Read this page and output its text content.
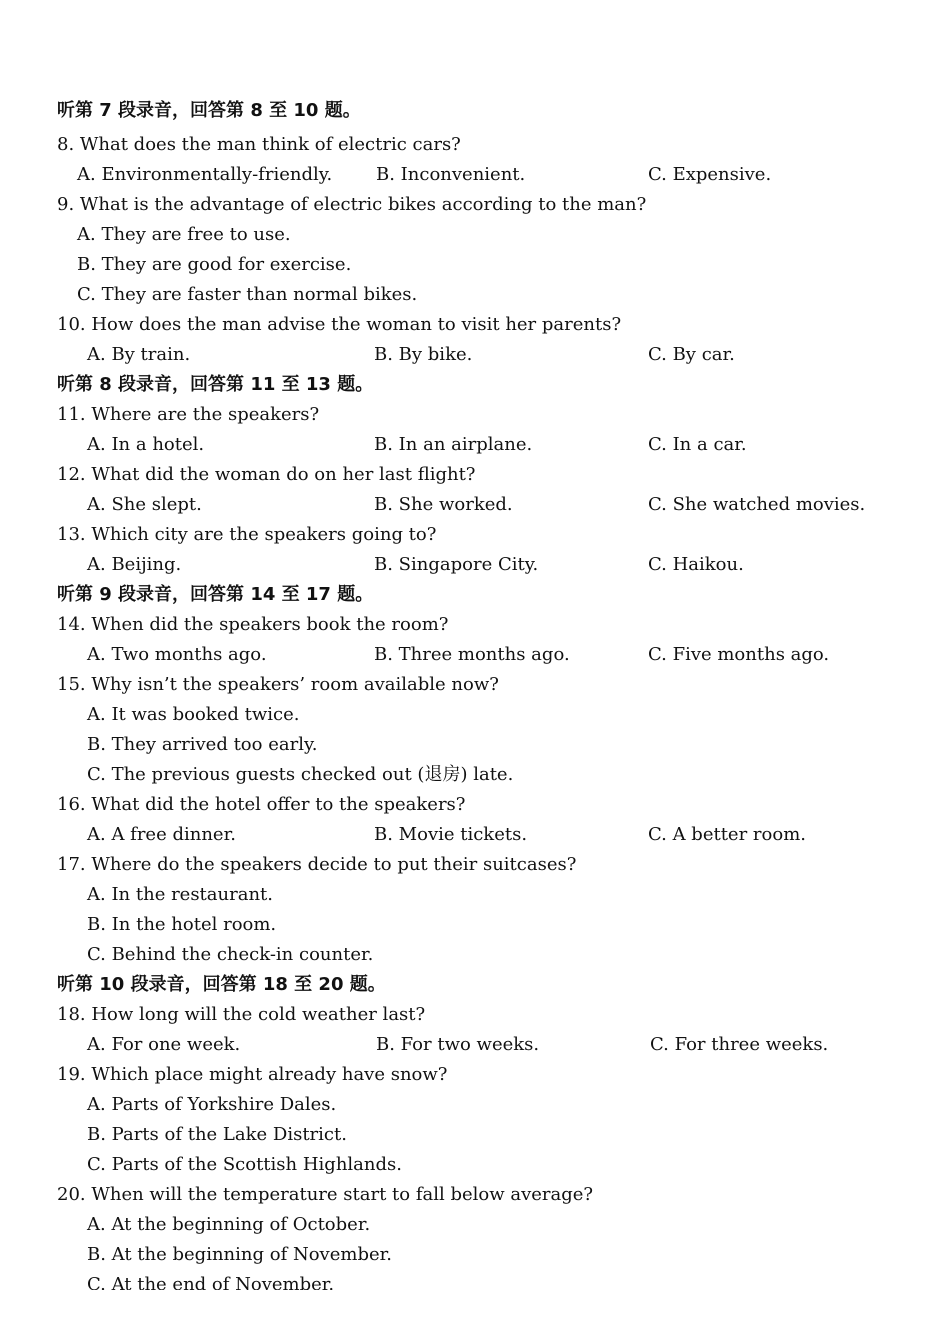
听第 7 段录音，回答第 8 至 10 题。
8. What does the man think of electric cars?
A. Environmentally-friendly. B. Inconvenient.	C. Expensive.
9. What is the advantage of electric bikes according to the man?
A. They are free to use.
B. They are good for exercise.
C. They are faster than normal bikes.
10. How does the man advise the woman to visit her parents?
A. By train.	B. By bike.	C. By car.
听第 8 段录音，回答第 11 至 13 题。
11. Where are the speakers?
A. In a hotel.	B. In an airplane.	C. In a car.
12. What did the woman do on her last flight?
A. She slept.	B. She worked.	C. She watched movies.
13. Which city are the speakers going to?
A. Beijing.	B. Singapore City.	C. Haikou.
听第 9 段录音，回答第 14 至 17 题。
14. When did the speakers book the room?
A. Two months ago.	B. Three months ago.	C. Five months ago.
15. Why isn’t the speakers’ room available now?
A. It was booked twice.
B. They arrived too early.
C. The previous guests checked out (退房) late.
16. What did the hotel offer to the speakers?
A. A free dinner.	B. Movie tickets.	C. A better room.
17. Where do the speakers decide to put their suitcases?
A. In the restaurant.
B. In the hotel room.
C. Behind the check-in counter.
听第 10 段录音，回答第 18 至 20 题。
18. How long will the cold weather last?
A. For one week.	B. For two weeks.	C. For three weeks.
19. Which place might already have snow?
A. Parts of Yorkshire Dales.
B. Parts of the Lake District.
C. Parts of the Scottish Highlands.
20. When will the temperature start to fall below average?
A. At the beginning of October.
B. At the beginning of November.
C. At the end of November.
